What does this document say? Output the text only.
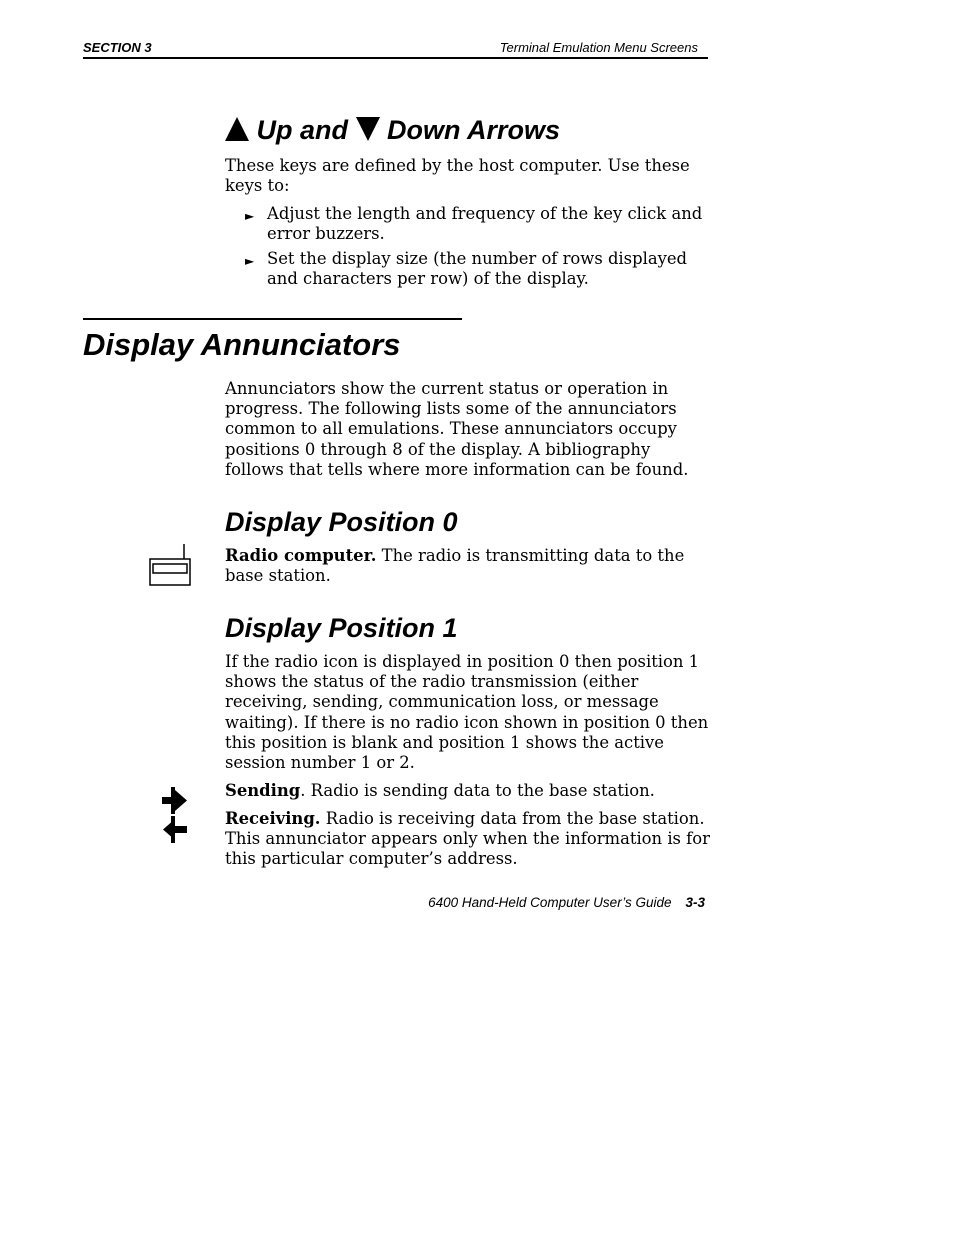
SECTION 3	Terminal Emulation Menu Screens
Up and Down Arrows
These keys are defined by the host computer. Use these keys to:
► Adjust the length and frequency of the key click and error buzzers.
► Set the display size (the number of rows displayed and characters per row) of the display.
Display Annunciators
Annunciators show the current status or operation in progress. The following lists some of the annunciators common to all emulations. These annunciators occupy positions 0 through 8 of the display. A bibliography follows that tells where more information can be found.
Display Position 0
Radio computer. The radio is transmitting data to the base station.
Display Position 1
If the radio icon is displayed in position 0 then position 1 shows the status of the radio transmission (either receiving, sending, communication loss, or message waiting). If there is no radio icon shown in position 0 then this position is blank and position 1 shows the active session number 1 or 2.
Sending. Radio is sending data to the base station.
Receiving. Radio is receiving data from the base station. This annunciator appears only when the information is for this particular computer’s address.
6400 Hand-Held Computer User’s Guide 3-3
